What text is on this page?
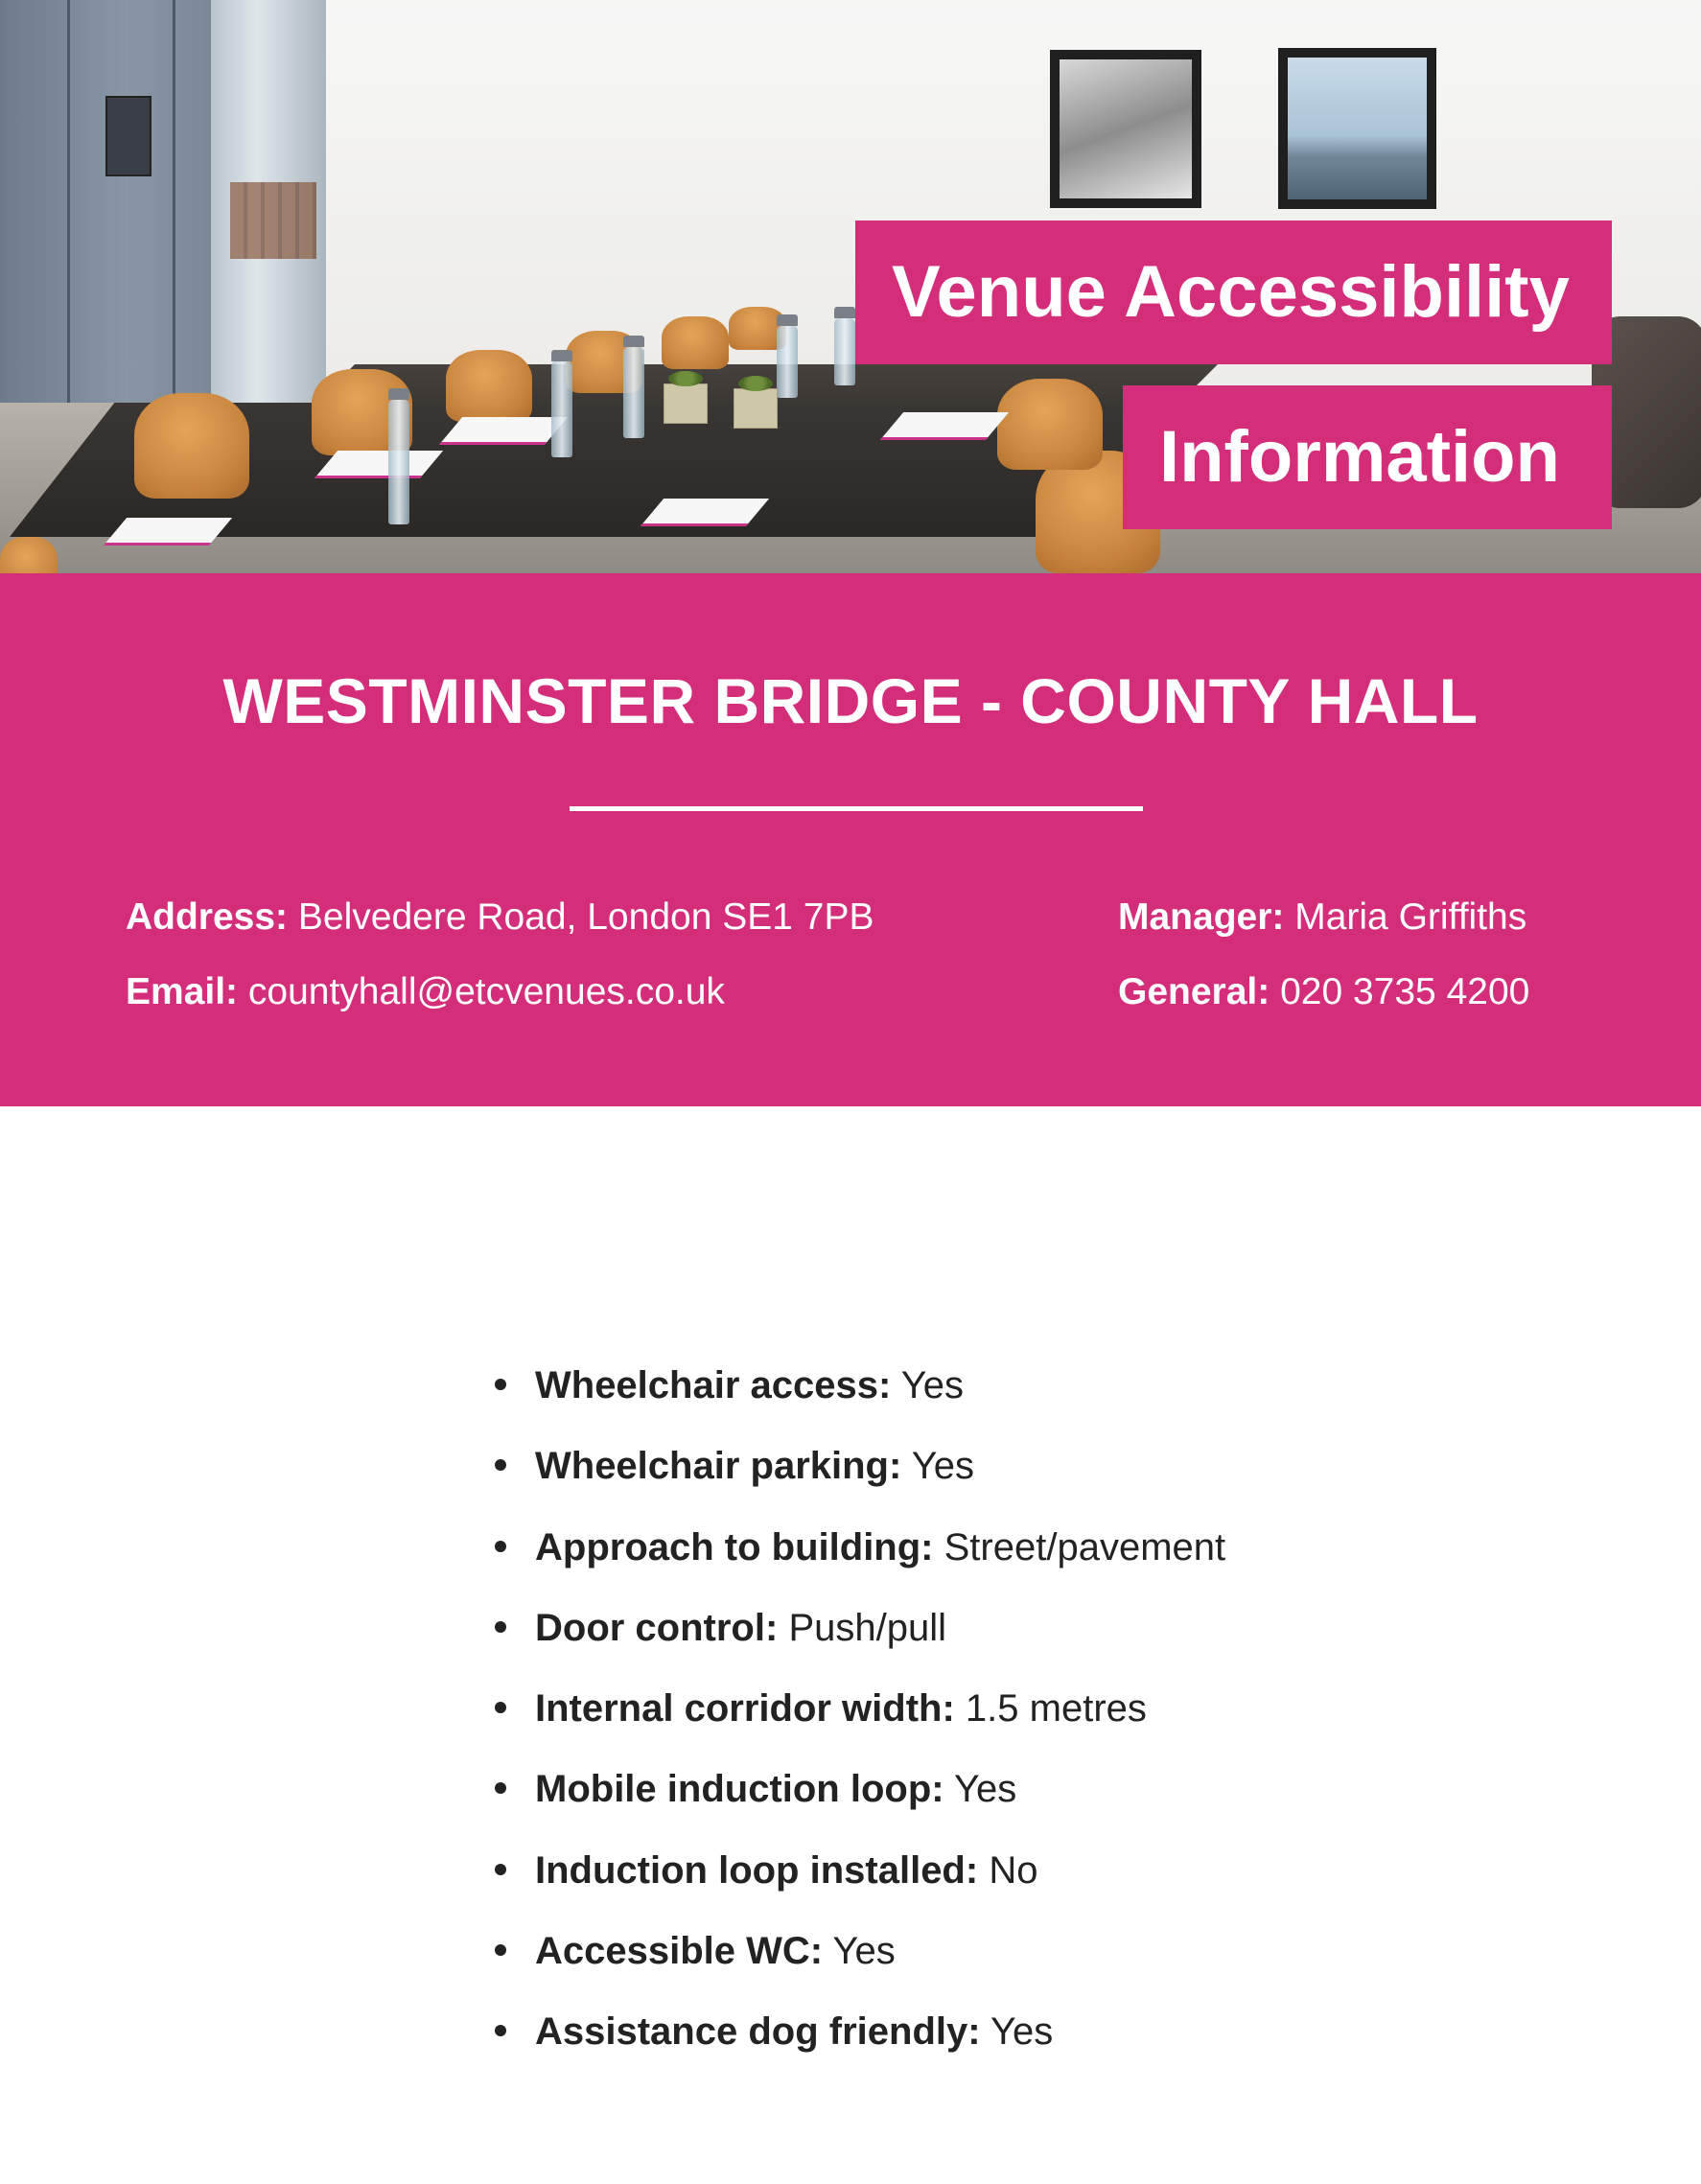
Venue Accessibility
Information
WESTMINSTER BRIDGE - COUNTY HALL
Address: Belvedere Road, London SE1 7PB
Email: countyhall@etcvenues.co.uk
Manager: Maria Griffiths
General: 020 3735 4200
Wheelchair access: Yes
Wheelchair parking: Yes
Approach to building: Street/pavement
Door control: Push/pull
Internal corridor width: 1.5 metres
Mobile induction loop: Yes
Induction loop installed: No
Accessible WC: Yes
Assistance dog friendly: Yes
